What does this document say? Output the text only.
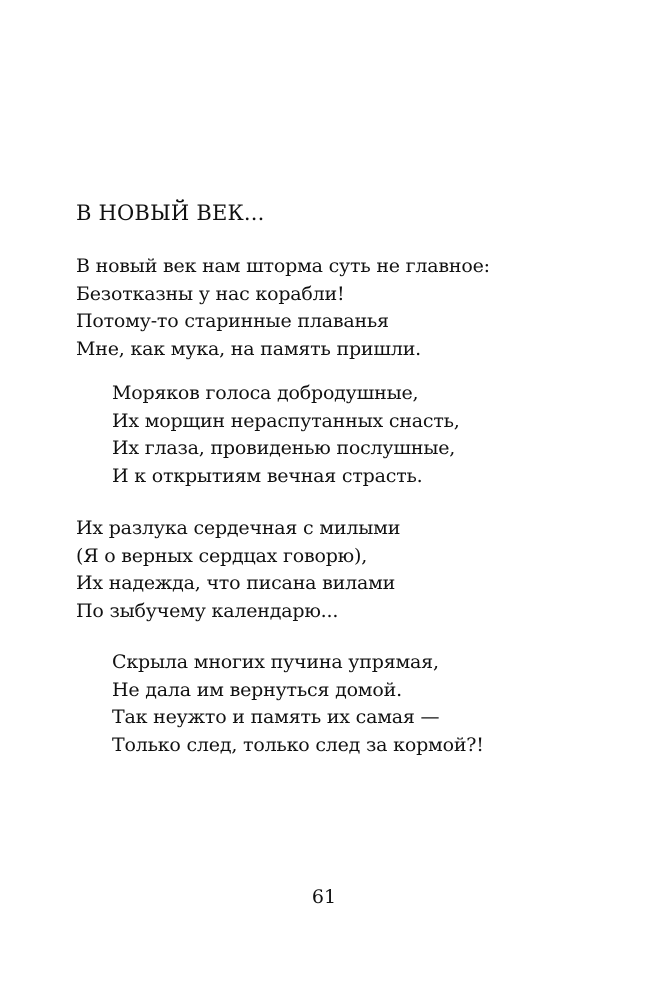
В НОВЫЙ ВЕК...
В новый век нам шторма суть не главное:
Безотказны у нас корабли!
Потому-то старинные плаванья
Мне, как мука, на память пришли.
Моряков голоса добродушные,
Их морщин нераспутанных снасть,
Их глаза, провиденью послушные,
И к открытиям вечная страсть.
Их разлука сердечная с милыми
(Я о верных сердцах говорю),
Их надежда, что писана вилами
По зыбучему календарю...
Скрыла многих пучина упрямая,
Не дала им вернуться домой.
Так неужто и память их самая —
Только след, только след за кормой?!
61
